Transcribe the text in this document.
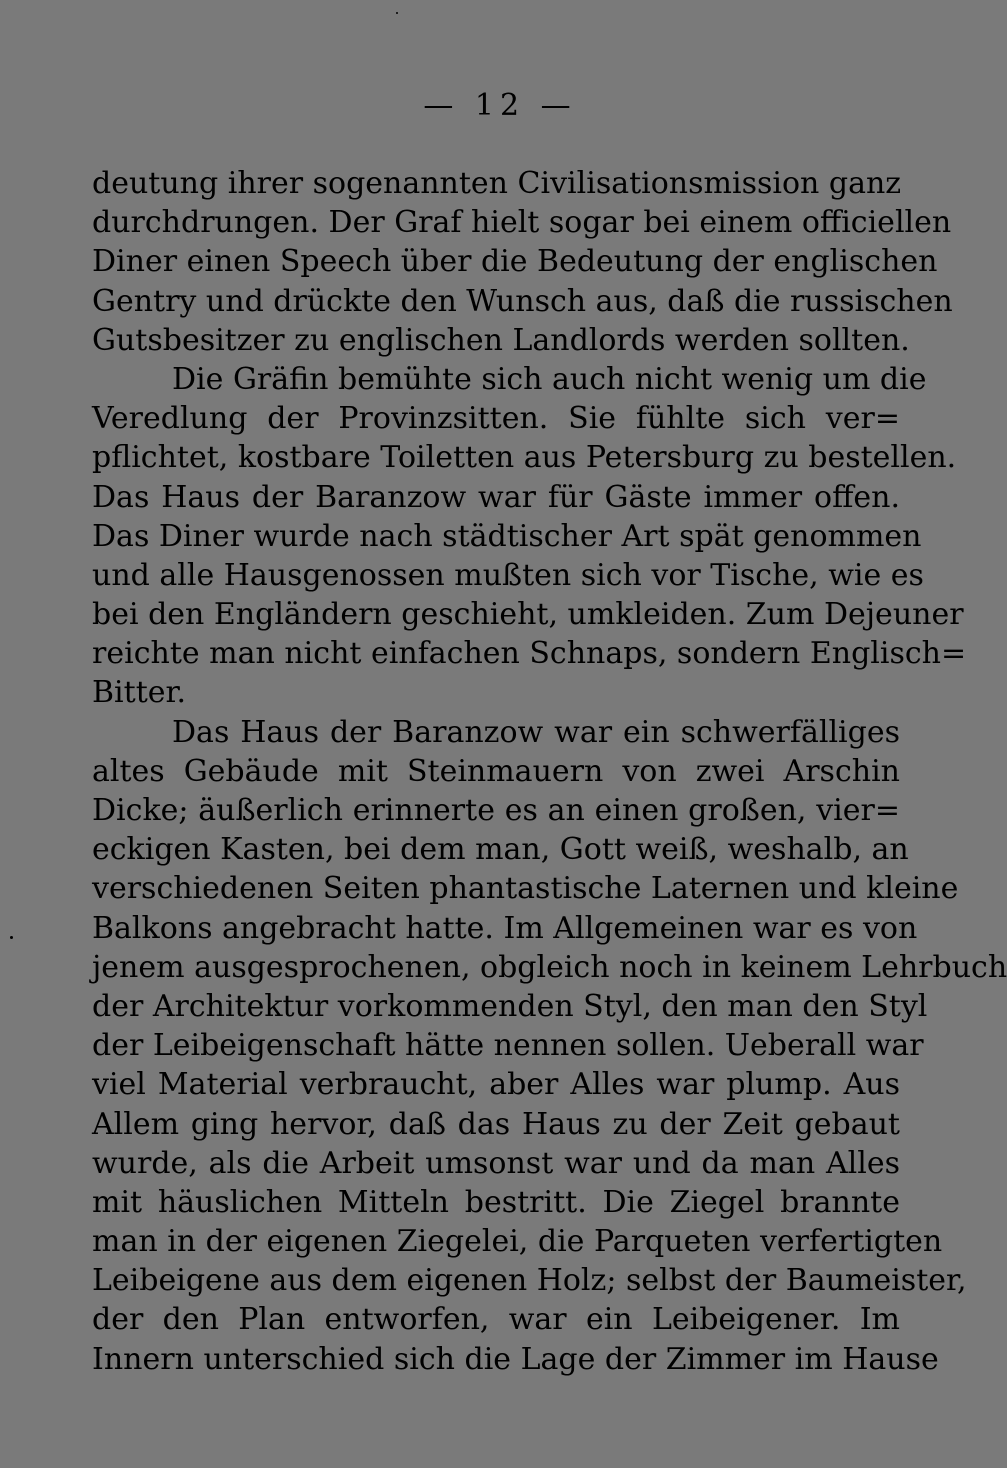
— 12 —
deutung ihrer sogenannten Civilisationsmission ganz
durchdrungen. Der Graf hielt sogar bei einem officiellen
Diner einen Speech über die Bedeutung der englischen
Gentry und drückte den Wunsch aus, daß die russischen
Gutsbesitzer zu englischen Landlords werden sollten.
Die Gräfin bemühte sich auch nicht wenig um die
Veredlung der Provinzsitten. Sie fühlte sich ver=
pflichtet, kostbare Toiletten aus Petersburg zu bestellen.
Das Haus der Baranzow war für Gäste immer offen.
Das Diner wurde nach städtischer Art spät genommen
und alle Hausgenossen mußten sich vor Tische, wie es
bei den Engländern geschieht, umkleiden. Zum Dejeuner
reichte man nicht einfachen Schnaps, sondern Englisch=
Bitter.
Das Haus der Baranzow war ein schwerfälliges
altes Gebäude mit Steinmauern von zwei Arschin
Dicke; äußerlich erinnerte es an einen großen, vier=
eckigen Kasten, bei dem man, Gott weiß, weshalb, an
verschiedenen Seiten phantastische Laternen und kleine
Balkons angebracht hatte. Im Allgemeinen war es von
jenem ausgesprochenen, obgleich noch in keinem Lehrbuch
der Architektur vorkommenden Styl, den man den Styl
der Leibeigenschaft hätte nennen sollen. Ueberall war
viel Material verbraucht, aber Alles war plump. Aus
Allem ging hervor, daß das Haus zu der Zeit gebaut
wurde, als die Arbeit umsonst war und da man Alles
mit häuslichen Mitteln bestritt. Die Ziegel brannte
man in der eigenen Ziegelei, die Parqueten verfertigten
Leibeigene aus dem eigenen Holz; selbst der Baumeister,
der den Plan entworfen, war ein Leibeigener. Im
Innern unterschied sich die Lage der Zimmer im Hause
